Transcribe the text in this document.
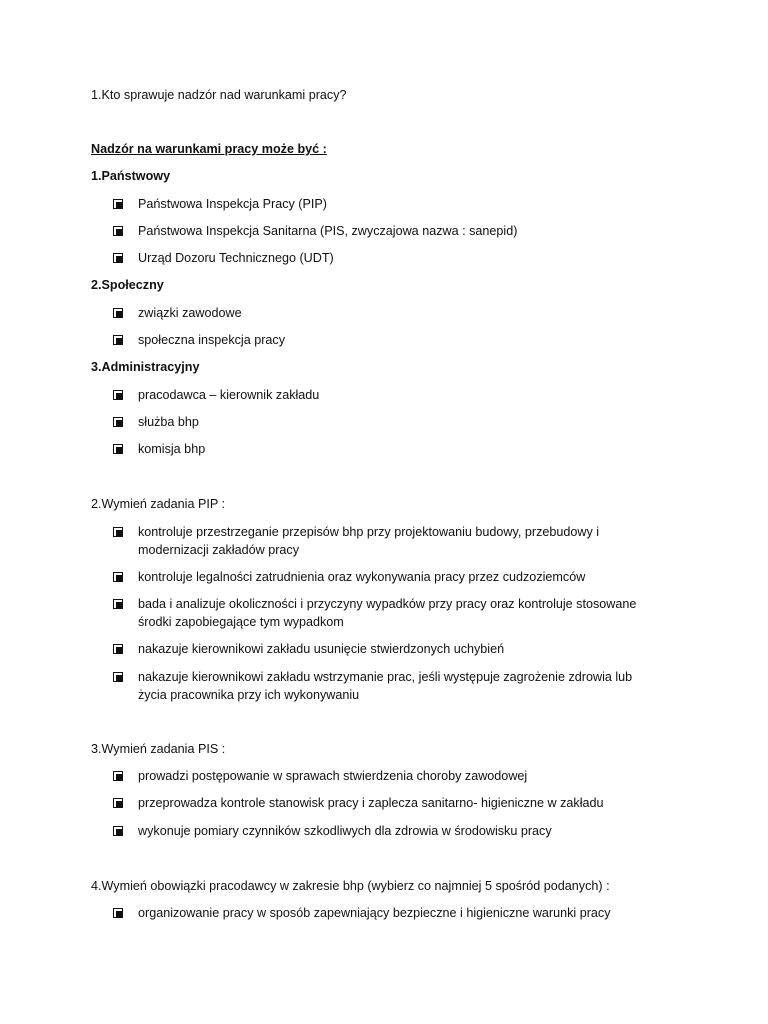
1.Kto sprawuje nadzór nad warunkami pracy?
Nadzór na warunkami pracy może być :
1.Państwowy
Państwowa Inspekcja Pracy (PIP)
Państwowa Inspekcja Sanitarna (PIS, zwyczajowa nazwa : sanepid)
Urząd Dozoru Technicznego (UDT)
2.Społeczny
związki zawodowe
społeczna inspekcja pracy
3.Administracyjny
pracodawca – kierownik zakładu
służba bhp
komisja bhp
2.Wymień zadania PIP :
kontroluje przestrzeganie przepisów bhp przy projektowaniu budowy, przebudowy i modernizacji zakładów pracy
kontroluje legalności zatrudnienia oraz wykonywania pracy przez cudzoziemców
bada i analizuje okoliczności i przyczyny wypadków przy pracy oraz kontroluje stosowane środki zapobiegające tym wypadkom
nakazuje kierownikowi zakładu usunięcie stwierdzonych uchybień
nakazuje kierownikowi zakładu wstrzymanie prac, jeśli występuje zagrożenie zdrowia lub życia pracownika przy ich wykonywaniu
3.Wymień zadania PIS :
prowadzi postępowanie w sprawach stwierdzenia choroby zawodowej
przeprowadza kontrole stanowisk pracy i zaplecza sanitarno- higieniczne w zakładu
wykonuje pomiary czynników szkodliwych dla zdrowia w środowisku pracy
4.Wymień obowiązki pracodawcy w zakresie bhp (wybierz co najmniej 5 spośród podanych) :
organizowanie pracy w sposób zapewniający bezpieczne i higieniczne warunki pracy
